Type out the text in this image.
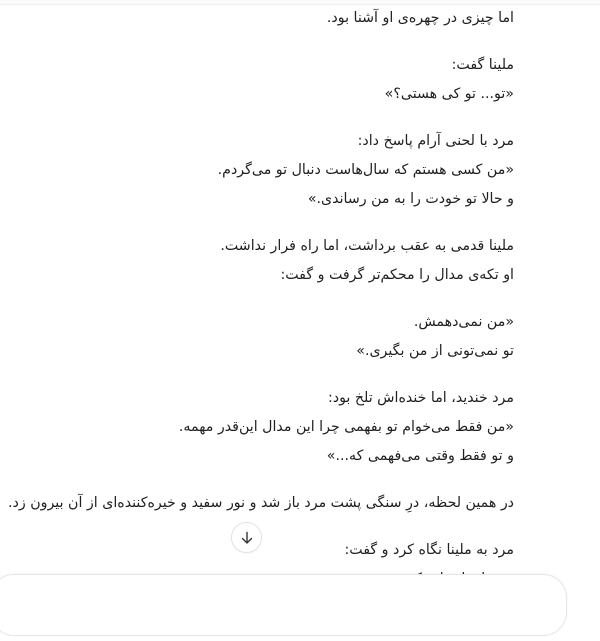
اما چیزی در چهره‌ی او آشنا بود.

ملینا گفت:
«تو... تو کی هستی؟»

مرد با لحنی آرام پاسخ داد:
«من کسی هستم که سال‌هاست دنبال تو می‌گردم.
و حالا تو خودت را به من رساندی.»

ملینا قدمی به عقب برداشت، اما راه فرار نداشت.
او تکه‌ی مدال را محکم‌تر گرفت و گفت:

«من نمی‌دهمش.
تو نمی‌تونی از من بگیری.»

مرد خندید، اما خنده‌اش تلخ بود:
«من فقط می‌خوام تو بفهمی چرا این مدال این‌قدر مهمه.
و تو فقط وقتی می‌فهمی که...»

در همین لحظه، درِ سنگی پشت مرد باز شد و نور سفید و خیره‌کننده‌ای از آن بیرون زد.

مرد به ملینا نگاه کرد و گفت:
